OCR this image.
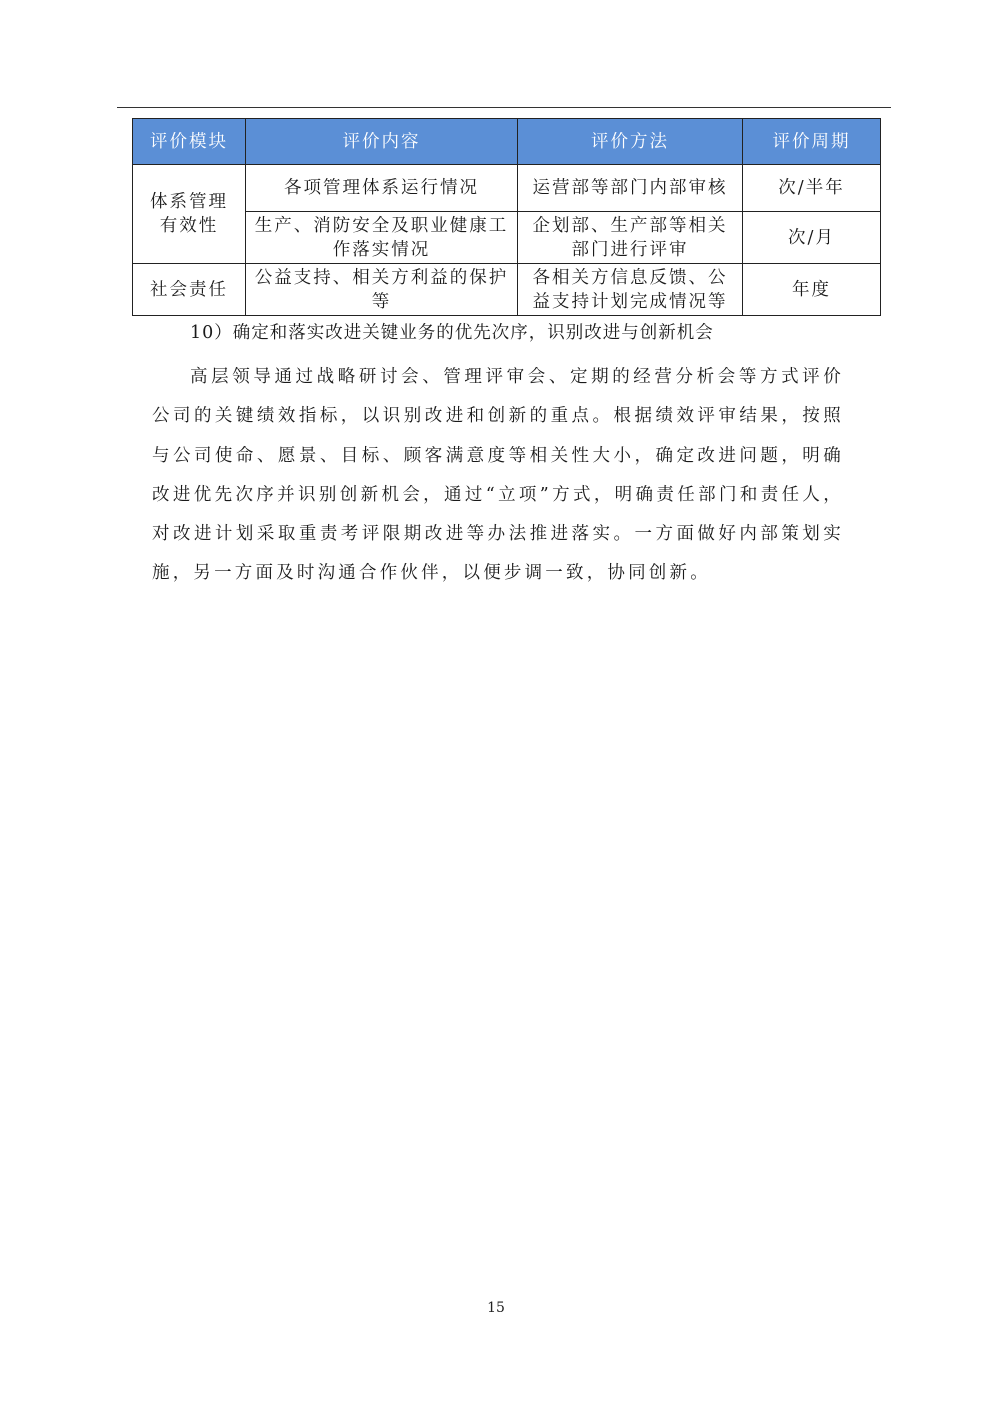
评价模块	评价内容	评价方法	评价周期
体系管理有效性	各项管理体系运行情况	运营部等部门内部审核	次/半年
	生产、消防安全及职业健康工作落实情况	企划部、生产部等相关部门进行评审	次/月
社会责任	公益支持、相关方利益的保护等	各相关方信息反馈、公益支持计划完成情况等	年度

10）确定和落实改进关键业务的优先次序，识别改进与创新机会

高层领导通过战略研讨会、管理评审会、定期的经营分析会等方式评价公司的关键绩效指标，以识别改进和创新的重点。根据绩效评审结果，按照与公司使命、愿景、目标、顾客满意度等相关性大小，确定改进问题，明确改进优先次序并识别创新机会，通过“立项”方式，明确责任部门和责任人，对改进计划采取重责考评限期改进等办法推进落实。一方面做好内部策划实施，另一方面及时沟通合作伙伴，以便步调一致，协同创新。

15
